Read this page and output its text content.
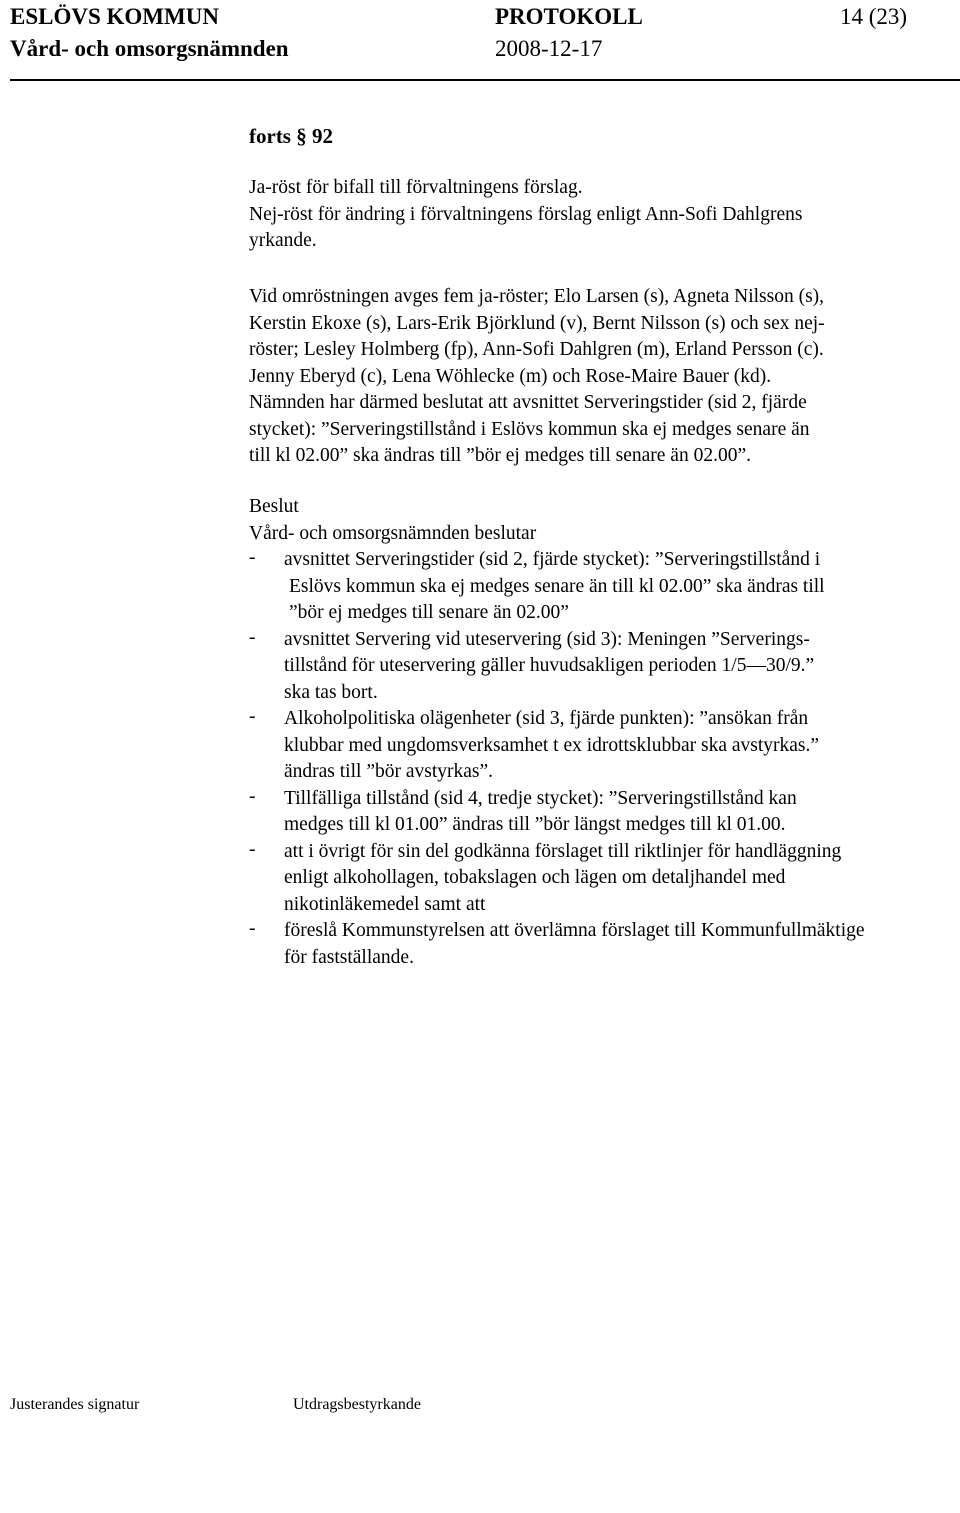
ESLÖVS KOMMUN	PROTOKOLL	14 (23)
Vård- och omsorgsnämnden	2008-12-17
forts § 92
Ja-röst för bifall till förvaltningens förslag.
Nej-röst för ändring i förvaltningens förslag enligt Ann-Sofi Dahlgrens
yrkande.
Vid omröstningen avges fem ja-röster; Elo Larsen (s), Agneta Nilsson (s),
Kerstin Ekoxe (s), Lars-Erik Björklund (v), Bernt Nilsson (s) och sex nej-
röster; Lesley Holmberg (fp), Ann-Sofi Dahlgren (m), Erland Persson (c).
Jenny Eberyd (c), Lena Wöhlecke (m) och Rose-Maire Bauer (kd).
Nämnden har därmed beslutat att avsnittet Serveringstider (sid 2, fjärde
stycket): ”Serveringstillstånd i Eslövs kommun ska ej medges senare än
till kl 02.00” ska ändras till ”bör ej medges till senare än 02.00”.
Beslut
Vård- och omsorgsnämnden beslutar
-	avsnittet Serveringstider (sid 2, fjärde stycket): ”Serveringstillstånd i
Eslövs kommun ska ej medges senare än till kl 02.00” ska ändras till
”bör ej medges till senare än 02.00”
-	avsnittet Servering vid uteservering (sid 3): Meningen ”Serverings-
tillstånd för uteservering gäller huvudsakligen perioden 1/5—30/9.”
ska tas bort.
-	Alkoholpolitiska olägenheter (sid 3, fjärde punkten): ”ansökan från
klubbar med ungdomsverksamhet t ex idrottsklubbar ska avstyrkas.”
ändras till ”bör avstyrkas”.
-	Tillfälliga tillstånd (sid 4, tredje stycket): ”Serveringstillstånd kan
medges till kl 01.00” ändras till ”bör längst medges till kl 01.00.
-	att i övrigt för sin del godkänna förslaget till riktlinjer för handläggning
enligt alkohollagen, tobakslagen och lägen om detaljhandel med
nikotinläkemedel samt att
-	föreslå Kommunstyrelsen att överlämna förslaget till Kommunfullmäktige
för fastställande.
Justerandes signatur	Utdragsbestyrkande
